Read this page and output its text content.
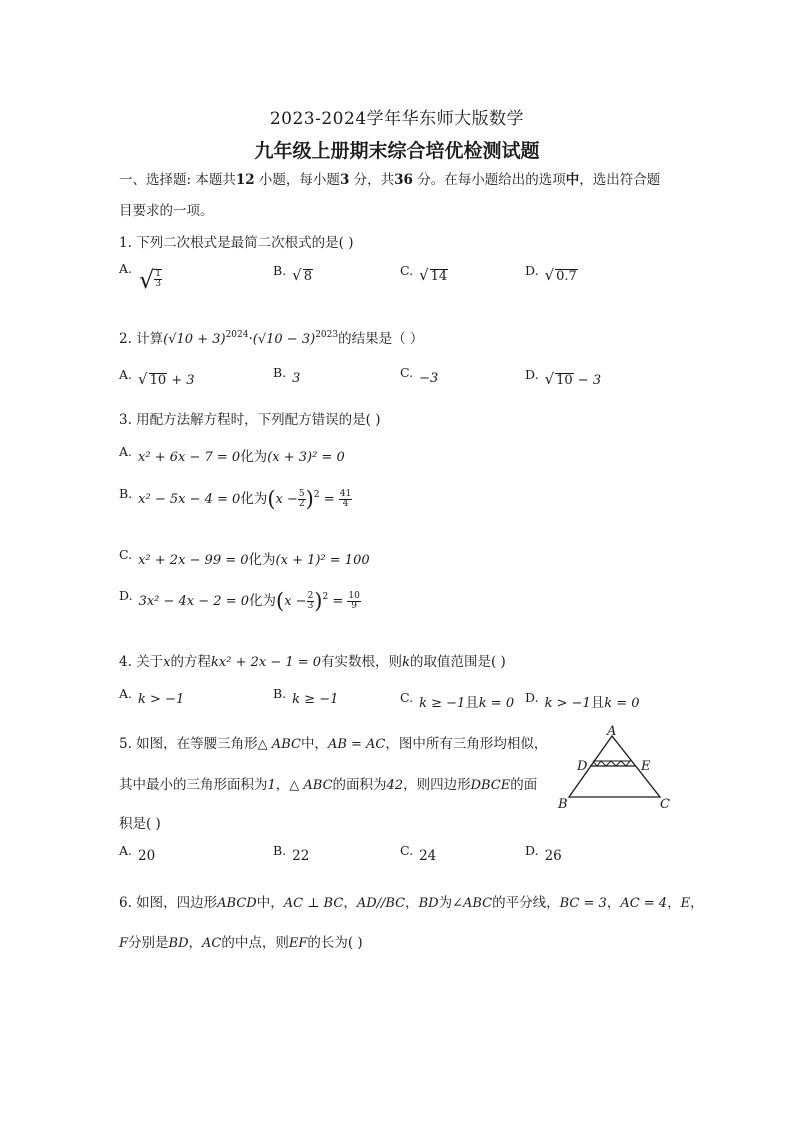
2023-2024学年华东师大版数学
九年级上册期末综合培优检测试题
一、选择题: 本题共12 小题，每小题3 分，共36 分。在每小题给出的选项中，选出符合题
目要求的一项。
1. 下列二次根式是最简二次根式的是( )
A. √ $\frac{1}{3}$	B. √ 8	C. √ 14	D. √ 0.7
2. 计算$(√10 + 3)^{2024}\cdot(√10 - 3)^{2023}$的结果是（ ）
A. √ 10 + 3
B. 3	C. −3	D. √ 10 − 3
3. 用配方法解方程时，下列配方错误的是( )
A. x² + 6x − 7 = 0化为(x + 3)² = 0
B. x² − 5x − 4 = 0化为$(x - \frac{5}{2} )^2 = \frac{41}{4}$
C. x² + 2x − 99 = 0化为(x + 1)² = 100
D. 3x² − 4x − 2 = 0化为$(x - \frac{2}{3} )^2 = \frac{10}{9}$
4. 关于x的方程kx² + 2x − 1 = 0有实数根，则k的取值范围是( )
A. k > −1	B. k ≥ −1	C. k ≥ −1且k = 0 D. k > −1且k = 0
5. 如图，在等腰三角形△ ABC中，AB = AC，图中所有三角形均相似，
其中最小的三角形面积为1，△ ABC的面积为42，则四边形DBCE的面
积是( )
A
D	E
B	C
A. 20	B. 22	C. 24	D. 26
6. 如图，四边形ABCD中，AC ⊥ BC，AD//BC，BD为∠ABC的平分线，BC = 3，AC = 4，E，
F分别是BD，AC的中点，则EF的长为( )
